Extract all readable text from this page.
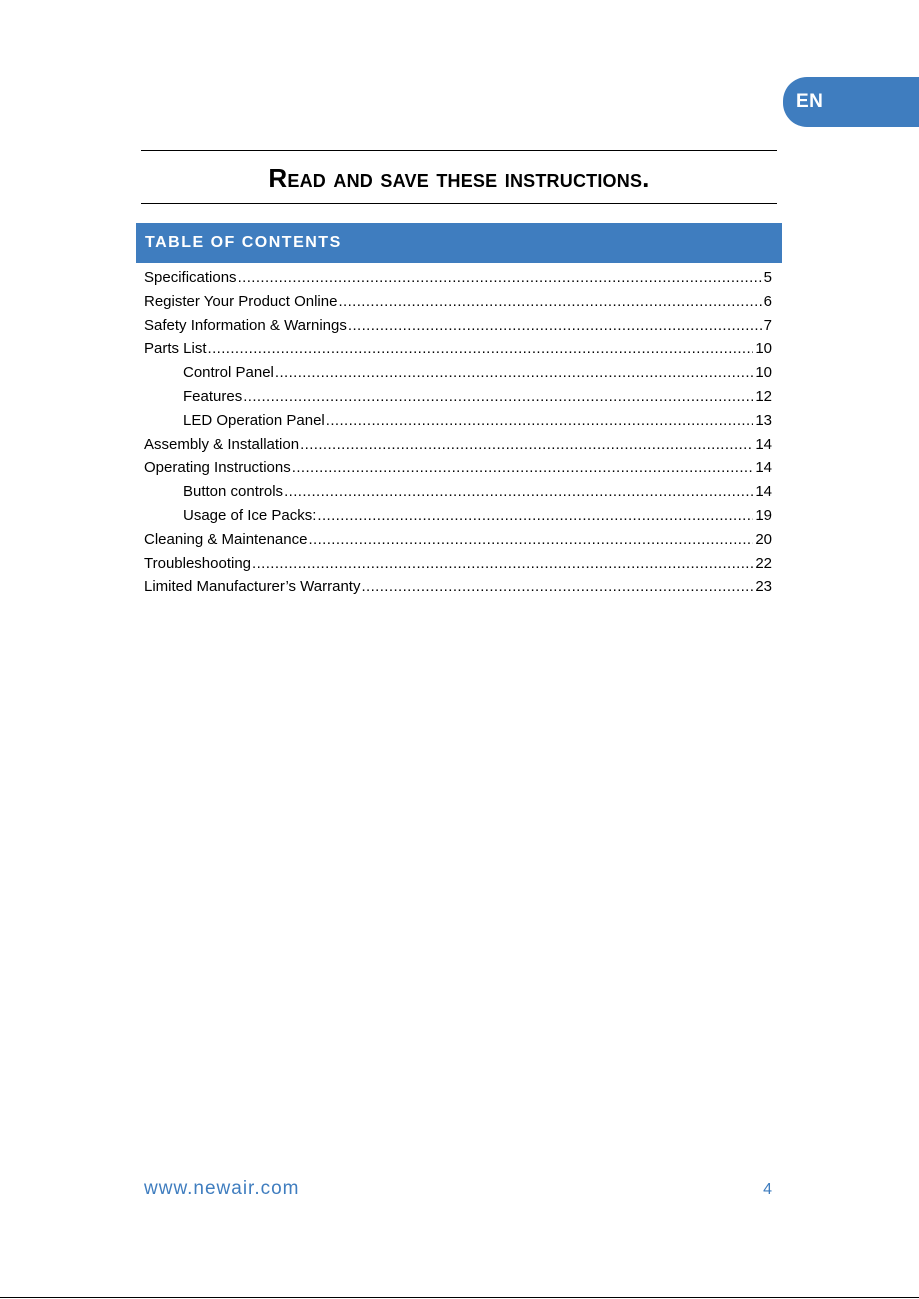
EN
Read and save these instructions.
TABLE OF CONTENTS
Specifications .....	5
Register Your Product Online .....	6
Safety Information & Warnings .....	7
Parts List .....	10
Control Panel .....	10
Features .....	12
LED Operation Panel .....	13
Assembly & Installation .....	14
Operating Instructions .....	14
Button controls .....	14
Usage of Ice Packs: .....	19
Cleaning & Maintenance .....	20
Troubleshooting .....	22
Limited Manufacturer’s Warranty .....	23
www.newair.com	4
